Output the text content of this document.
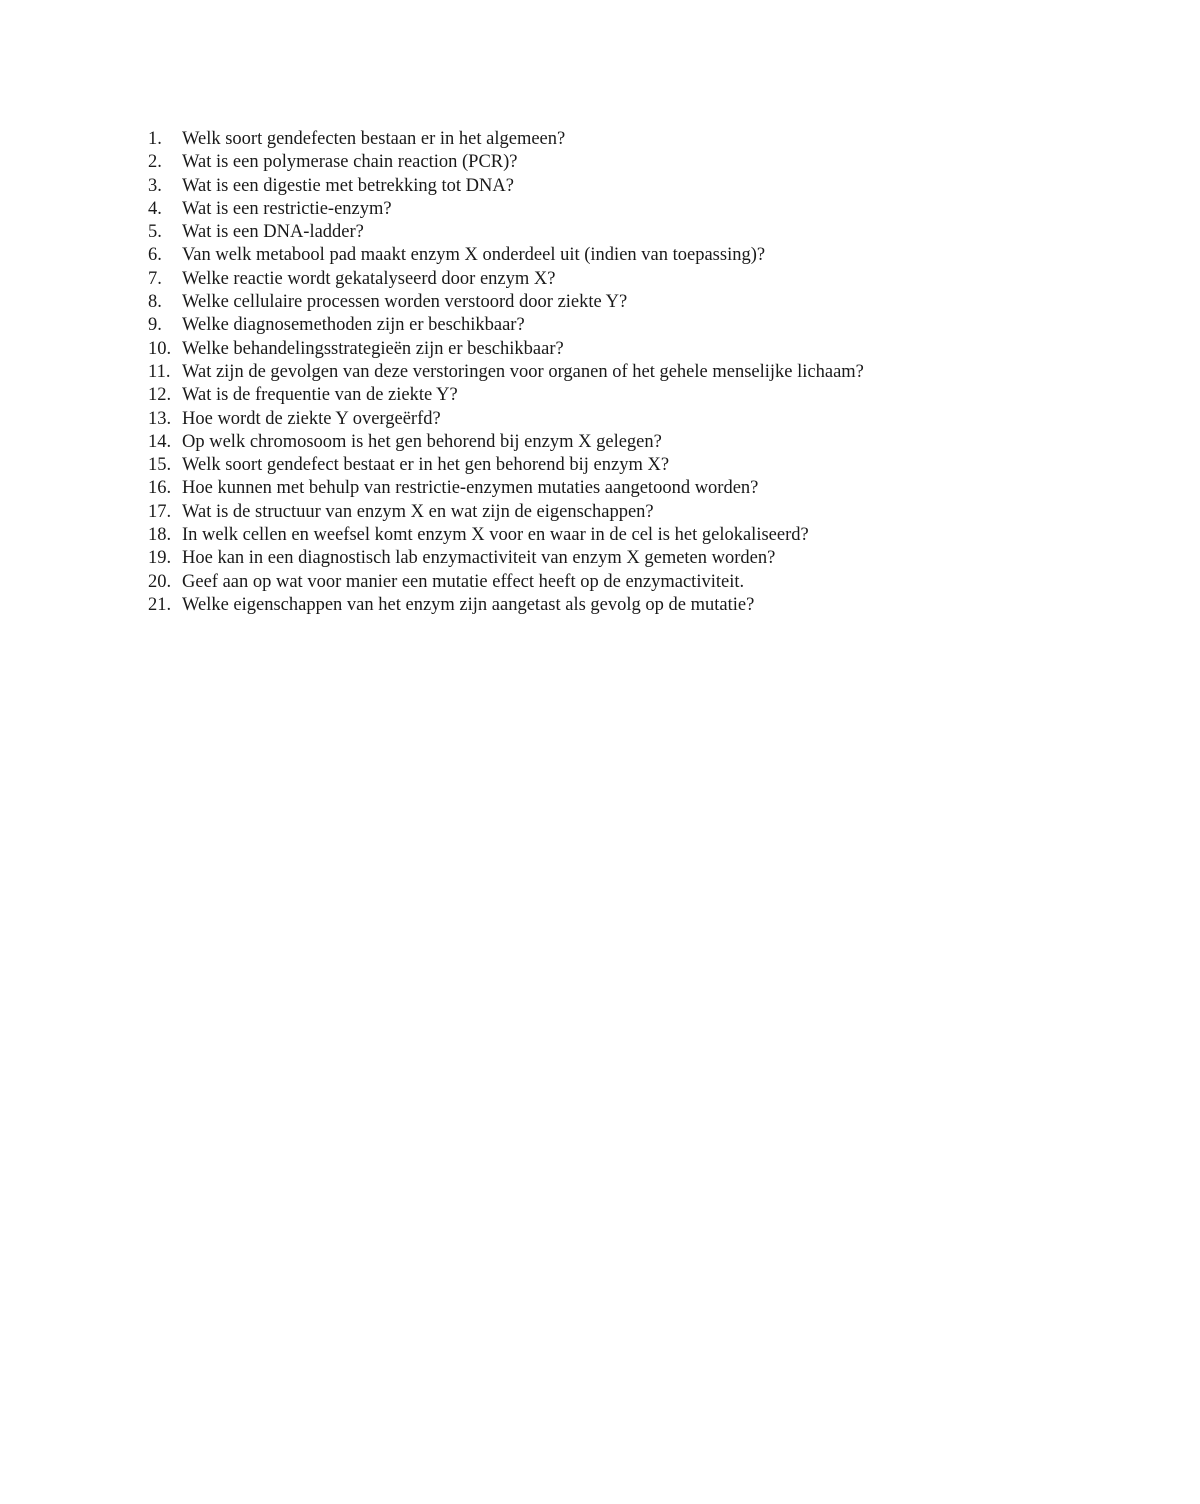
1.	Welk soort gendefecten bestaan er in het algemeen?
2.	Wat is een polymerase chain reaction (PCR)?
3.	Wat is een digestie met betrekking tot DNA?
4.	Wat is een restrictie-enzym?
5.	Wat is een DNA-ladder?
6.	Van welk metabool pad maakt enzym X onderdeel uit (indien van toepassing)?
7.	Welke reactie wordt gekatalyseerd door enzym X?
8.	Welke cellulaire processen worden verstoord door ziekte Y?
9.	Welke diagnosemethoden zijn er beschikbaar?
10. Welke behandelingsstrategieën zijn er beschikbaar?
11. Wat zijn de gevolgen van deze verstoringen voor organen of het gehele menselijke lichaam?
12. Wat is de frequentie van de ziekte Y?
13. Hoe wordt de ziekte Y overgeërfd?
14. Op welk chromosoom is het gen behorend bij enzym X gelegen?
15. Welk soort gendefect bestaat er in het gen behorend bij enzym X?
16. Hoe kunnen met behulp van restrictie-enzymen mutaties aangetoond worden?
17. Wat is de structuur van enzym X en wat zijn de eigenschappen?
18. In welk cellen en weefsel komt enzym X voor en waar in de cel is het gelokaliseerd?
19. Hoe kan in een diagnostisch lab enzymactiviteit van enzym X gemeten worden?
20. Geef aan op wat voor manier een mutatie effect heeft op de enzymactiviteit.
21. Welke eigenschappen van het enzym zijn aangetast als gevolg op de mutatie?
